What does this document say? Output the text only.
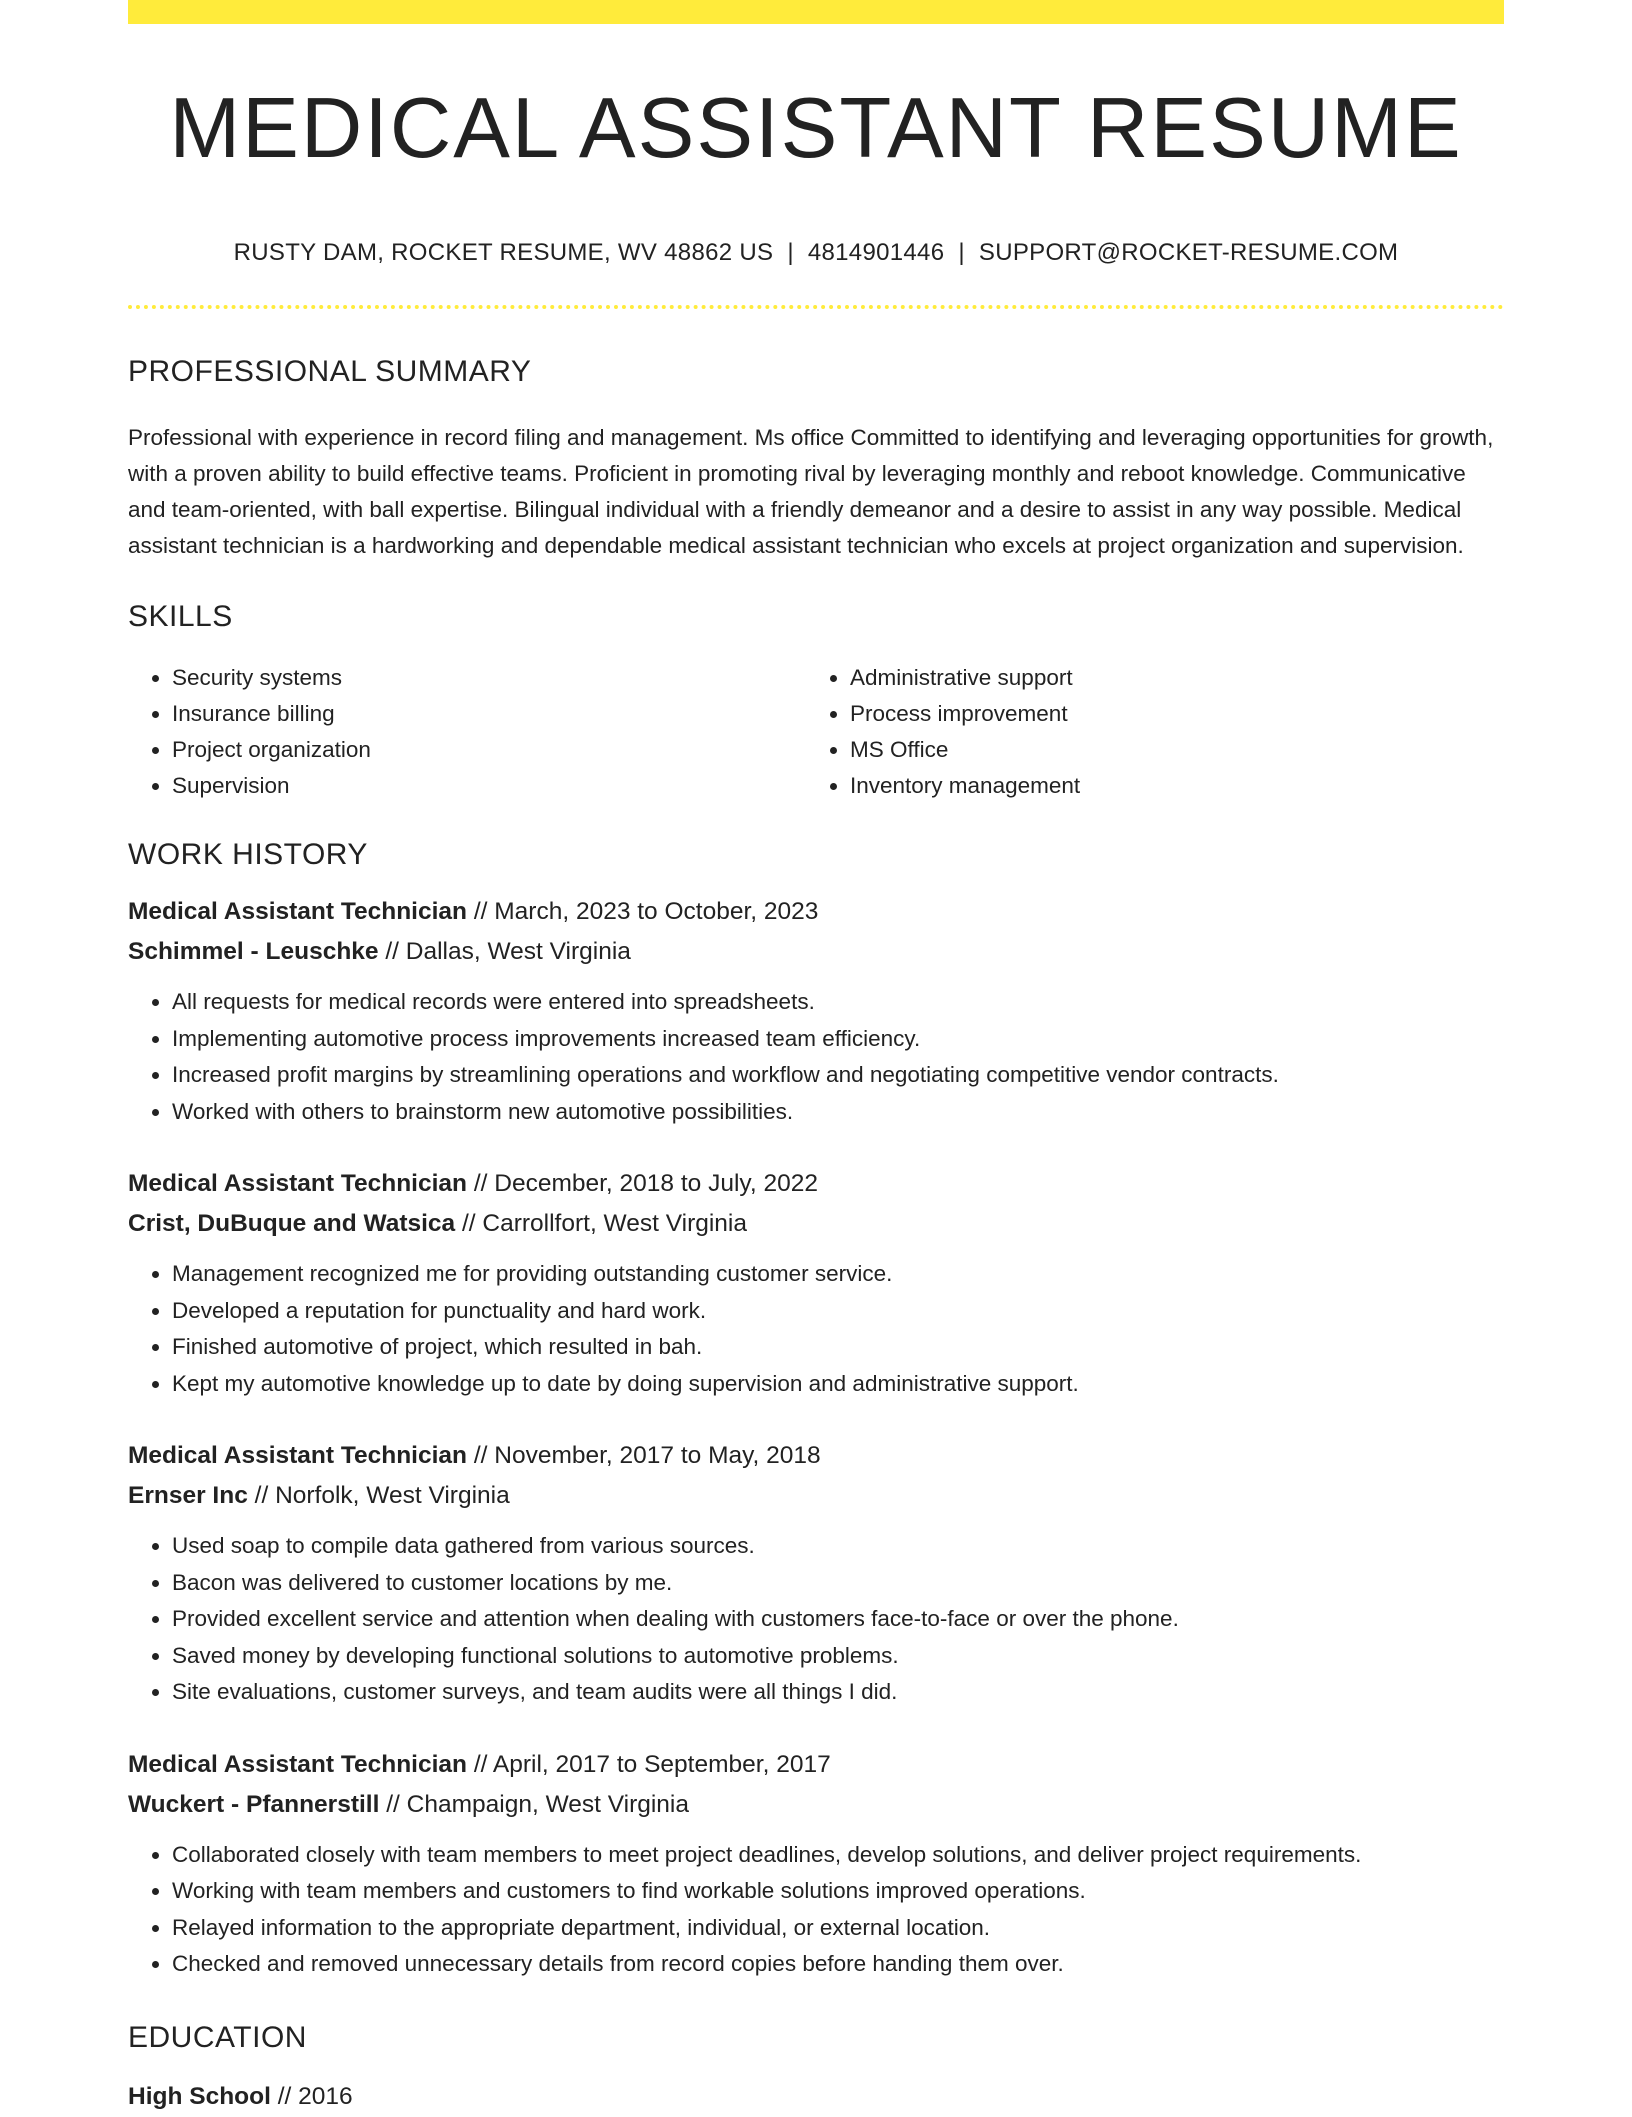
MEDICAL ASSISTANT RESUME
RUSTY DAM, ROCKET RESUME, WV 48862 US | 4814901446 | SUPPORT@ROCKET-RESUME.COM
PROFESSIONAL SUMMARY
Professional with experience in record filing and management. Ms office Committed to identifying and leveraging opportunities for growth, with a proven ability to build effective teams. Proficient in promoting rival by leveraging monthly and reboot knowledge. Communicative and team-oriented, with ball expertise. Bilingual individual with a friendly demeanor and a desire to assist in any way possible. Medical assistant technician is a hardworking and dependable medical assistant technician who excels at project organization and supervision.
SKILLS
• Security systems
• Insurance billing
• Project organization
• Supervision
• Administrative support
• Process improvement
• MS Office
• Inventory management
WORK HISTORY
Medical Assistant Technician // March, 2023 to October, 2023
Schimmel - Leuschke // Dallas, West Virginia
• All requests for medical records were entered into spreadsheets.
• Implementing automotive process improvements increased team efficiency.
• Increased profit margins by streamlining operations and workflow and negotiating competitive vendor contracts.
• Worked with others to brainstorm new automotive possibilities.
Medical Assistant Technician // December, 2018 to July, 2022
Crist, DuBuque and Watsica // Carrollfort, West Virginia
• Management recognized me for providing outstanding customer service.
• Developed a reputation for punctuality and hard work.
• Finished automotive of project, which resulted in bah.
• Kept my automotive knowledge up to date by doing supervision and administrative support.
Medical Assistant Technician // November, 2017 to May, 2018
Ernser Inc // Norfolk, West Virginia
• Used soap to compile data gathered from various sources.
• Bacon was delivered to customer locations by me.
• Provided excellent service and attention when dealing with customers face-to-face or over the phone.
• Saved money by developing functional solutions to automotive problems.
• Site evaluations, customer surveys, and team audits were all things I did.
Medical Assistant Technician // April, 2017 to September, 2017
Wuckert - Pfannerstill // Champaign, West Virginia
• Collaborated closely with team members to meet project deadlines, develop solutions, and deliver project requirements.
• Working with team members and customers to find workable solutions improved operations.
• Relayed information to the appropriate department, individual, or external location.
• Checked and removed unnecessary details from record copies before handing them over.
EDUCATION
High School // 2016
